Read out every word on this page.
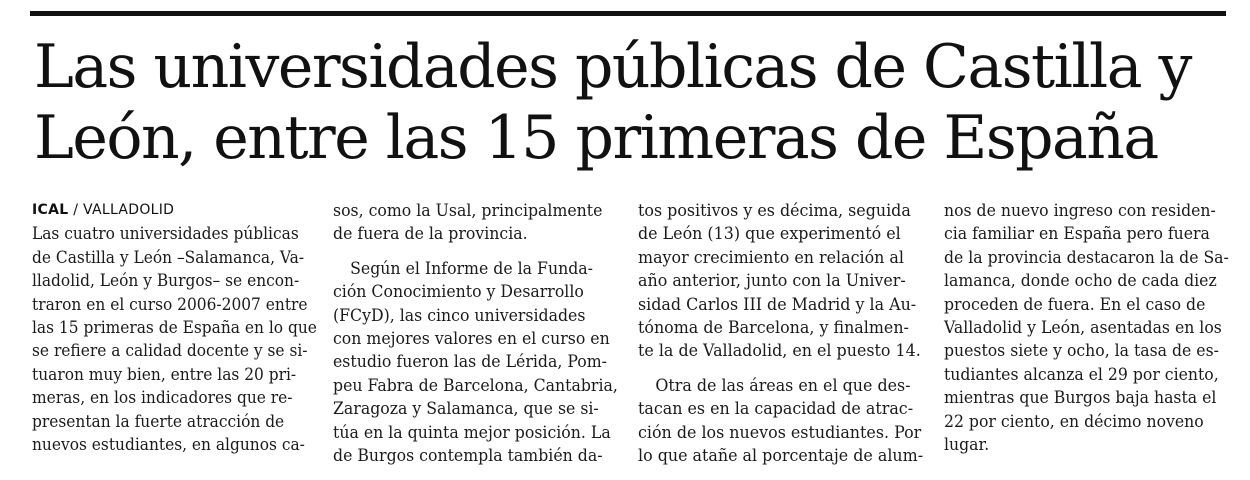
Las universidades públicas de Castilla y
León, entre las 15 primeras de España
ICAL / VALLADOLID
Las cuatro universidades públicas
de Castilla y León –Salamanca, Va-
lladolid, León y Burgos– se encon-
traron en el curso 2006-2007 entre
las 15 primeras de España en lo que
se refiere a calidad docente y se si-
tuaron muy bien, entre las 20 pri-
meras, en los indicadores que re-
presentan la fuerte atracción de
nuevos estudiantes, en algunos ca-
sos, como la Usal, principalmente
de fuera de la provincia.
Según el Informe de la Funda-
ción Conocimiento y Desarrollo
(FCyD), las cinco universidades
con mejores valores en el curso en
estudio fueron las de Lérida, Pom-
peu Fabra de Barcelona, Cantabria,
Zaragoza y Salamanca, que se si-
túa en la quinta mejor posición. La
de Burgos contempla también da-
tos positivos y es décima, seguida
de León (13) que experimentó el
mayor crecimiento en relación al
año anterior, junto con la Univer-
sidad Carlos III de Madrid y la Au-
tónoma de Barcelona, y finalmen-
te la de Valladolid, en el puesto 14.
Otra de las áreas en el que des-
tacan es en la capacidad de atrac-
ción de los nuevos estudiantes. Por
lo que atañe al porcentaje de alum-
nos de nuevo ingreso con residen-
cia familiar en España pero fuera
de la provincia destacaron la de Sa-
lamanca, donde ocho de cada diez
proceden de fuera. En el caso de
Valladolid y León, asentadas en los
puestos siete y ocho, la tasa de es-
tudiantes alcanza el 29 por ciento,
mientras que Burgos baja hasta el
22 por ciento, en décimo noveno
lugar.
